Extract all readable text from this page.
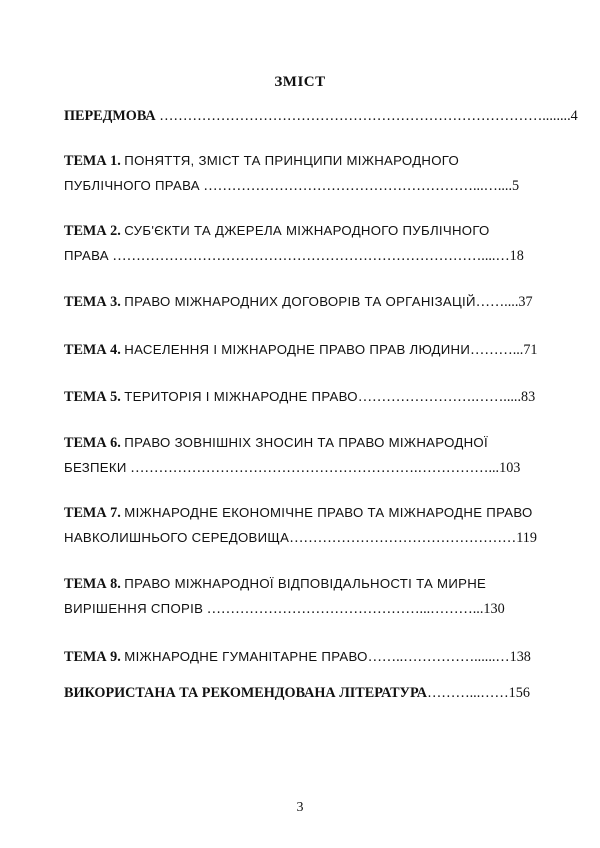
ЗМІСТ
ПЕРЕДМОВА ………………………………………………………………………........4
ТЕМА 1. ПОНЯТТЯ, ЗМІСТ ТА ПРИНЦИПИ МІЖНАРОДНОГО
ПУБЛІЧНОГО ПРАВА …………………………………………………...…....5
ТЕМА 2. СУБ'ЄКТИ ТА ДЖЕРЕЛА МІЖНАРОДНОГО ПУБЛІЧНОГО
ПРАВА ……………………………………………………………………....…18
ТЕМА 3. ПРАВО МІЖНАРОДНИХ ДОГОВОРІВ ТА ОРГАНІЗАЦІЙ……....37
ТЕМА 4. НАСЕЛЕННЯ І МІЖНАРОДНЕ ПРАВО ПРАВ ЛЮДИНИ………...71
ТЕМА 5. ТЕРИТОРІЯ І МІЖНАРОДНЕ ПРАВО…………………….…….....83
ТЕМА 6. ПРАВО ЗОВНІШНІХ ЗНОСИН ТА ПРАВО МІЖНАРОДНОЇ
БЕЗПЕКИ …………………………………………………….……………...103
ТЕМА 7. МІЖНАРОДНЕ ЕКОНОМІЧНЕ ПРАВО ТА МІЖНАРОДНЕ ПРАВО
НАВКОЛИШНЬОГО СЕРЕДОВИЩА…………………………………………119
ТЕМА 8. ПРАВО МІЖНАРОДНОЇ ВІДПОВІДАЛЬНОСТІ ТА МИРНЕ
ВИРІШЕННЯ СПОРІВ ………………………………………...………...130
ТЕМА 9. МІЖНАРОДНЕ ГУМАНІТАРНЕ ПРАВО……..……………......…138
ВИКОРИСТАНА ТА РЕКОМЕНДОВАНА ЛІТЕРАТУРА………...……156
3
